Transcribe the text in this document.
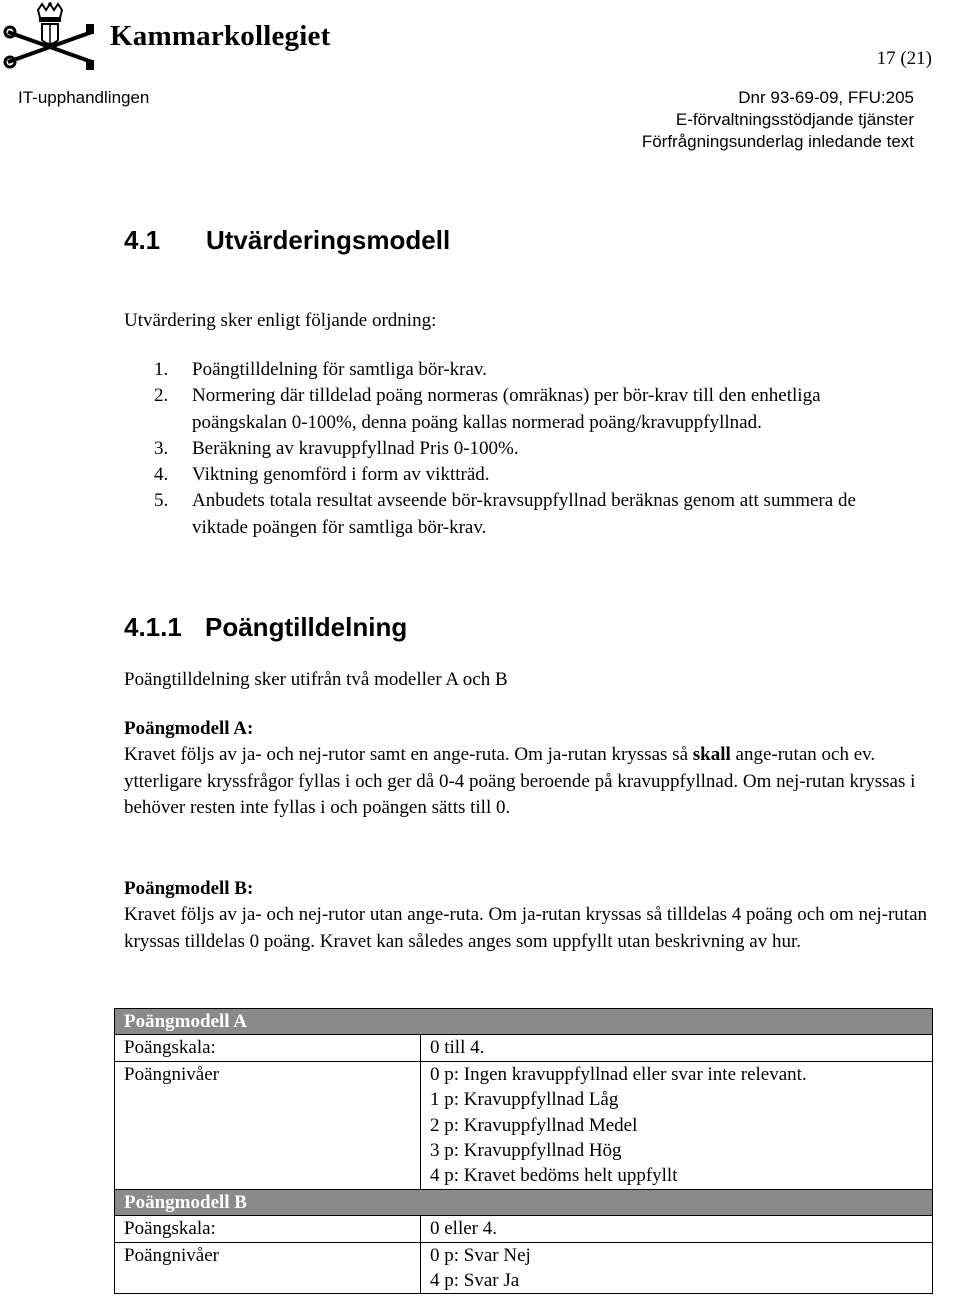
Kammarkollegiet
17 (21)
IT-upphandlingen	Dnr 93-69-09, FFU:205
E-förvaltningsstödjande tjänster
Förfrågningsunderlag inledande text
4.1 Utvärderingsmodell
Utvärdering sker enligt följande ordning:
1. Poängtilldelning för samtliga bör-krav.
2. Normering där tilldelad poäng normeras (omräknas) per bör-krav till den enhetliga poängskalan 0-100%, denna poäng kallas normerad poäng/kravuppfyllnad.
3. Beräkning av kravuppfyllnad Pris 0-100%.
4. Viktning genomförd i form av viktträd.
5. Anbudets totala resultat avseende bör-kravsuppfyllnad beräknas genom att summera de viktade poängen för samtliga bör-krav.
4.1.1 Poängtilldelning
Poängtilldelning sker utifrån två modeller A och B
Poängmodell A:
Kravet följs av ja- och nej-rutor samt en ange-ruta. Om ja-rutan kryssas så skall ange-rutan och ev. ytterligare kryssfrågor fyllas i och ger då 0-4 poäng beroende på kravuppfyllnad. Om nej-rutan kryssas i behöver resten inte fyllas i och poängen sätts till 0.
Poängmodell B:
Kravet följs av ja- och nej-rutor utan ange-ruta. Om ja-rutan kryssas så tilldelas 4 poäng och om nej-rutan kryssas tilldelas 0 poäng. Kravet kan således anges som uppfyllt utan beskrivning av hur.
Poängmodell A	
Poängskala:	0 till 4.
Poängnivåer	0 p: Ingen kravuppfyllnad eller svar inte relevant.
	1 p: Kravuppfyllnad Låg
	2 p: Kravuppfyllnad Medel
	3 p: Kravuppfyllnad Hög
	4 p: Kravet bedöms helt uppfyllt
Poängmodell B	
Poängskala:	0 eller 4.
Poängnivåer	0 p: Svar Nej
	4 p: Svar Ja
